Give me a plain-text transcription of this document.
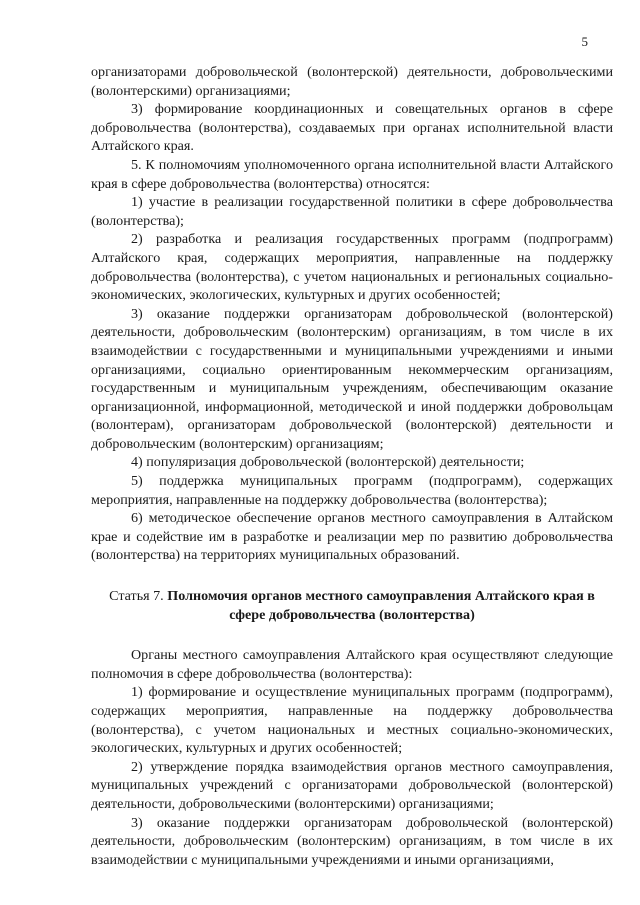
5

организаторами добровольческой (волонтерской) деятельности, добровольческими (волонтерскими) организациями;

3) формирование координационных и совещательных органов в сфере добровольчества (волонтерства), создаваемых при органах исполнительной власти Алтайского края.

5. К полномочиям уполномоченного органа исполнительной власти Алтайского края в сфере добровольчества (волонтерства) относятся:

1) участие в реализации государственной политики в сфере добровольчества (волонтерства);

2) разработка и реализация государственных программ (подпрограмм) Алтайского края, содержащих мероприятия, направленные на поддержку добровольчества (волонтерства), с учетом национальных и региональных социально-экономических, экологических, культурных и других особенностей;

3) оказание поддержки организаторам добровольческой (волонтерской) деятельности, добровольческим (волонтерским) организациям, в том числе в их взаимодействии с государственными и муниципальными учреждениями и иными организациями, социально ориентированным некоммерческим организациям, государственным и муниципальным учреждениям, обеспечивающим оказание организационной, информационной, методической и иной поддержки добровольцам (волонтерам), организаторам добровольческой (волонтерской) деятельности и добровольческим (волонтерским) организациям;

4) популяризация добровольческой (волонтерской) деятельности;

5) поддержка муниципальных программ (подпрограмм), содержащих мероприятия, направленные на поддержку добровольчества (волонтерства);

6) методическое обеспечение органов местного самоуправления в Алтайском крае и содействие им в разработке и реализации мер по развитию добровольчества (волонтерства) на территориях муниципальных образований.

Статья 7. Полномочия органов местного самоуправления Алтайского края в сфере добровольчества (волонтерства)

Органы местного самоуправления Алтайского края осуществляют следующие полномочия в сфере добровольчества (волонтерства):

1) формирование и осуществление муниципальных программ (подпрограмм), содержащих мероприятия, направленные на поддержку добровольчества (волонтерства), с учетом национальных и местных социально-экономических, экологических, культурных и других особенностей;

2) утверждение порядка взаимодействия органов местного самоуправления, муниципальных учреждений с организаторами добровольческой (волонтерской) деятельности, добровольческими (волонтерскими) организациями;

3) оказание поддержки организаторам добровольческой (волонтерской) деятельности, добровольческим (волонтерским) организациям, в том числе в их взаимодействии с муниципальными учреждениями и иными организациями,
